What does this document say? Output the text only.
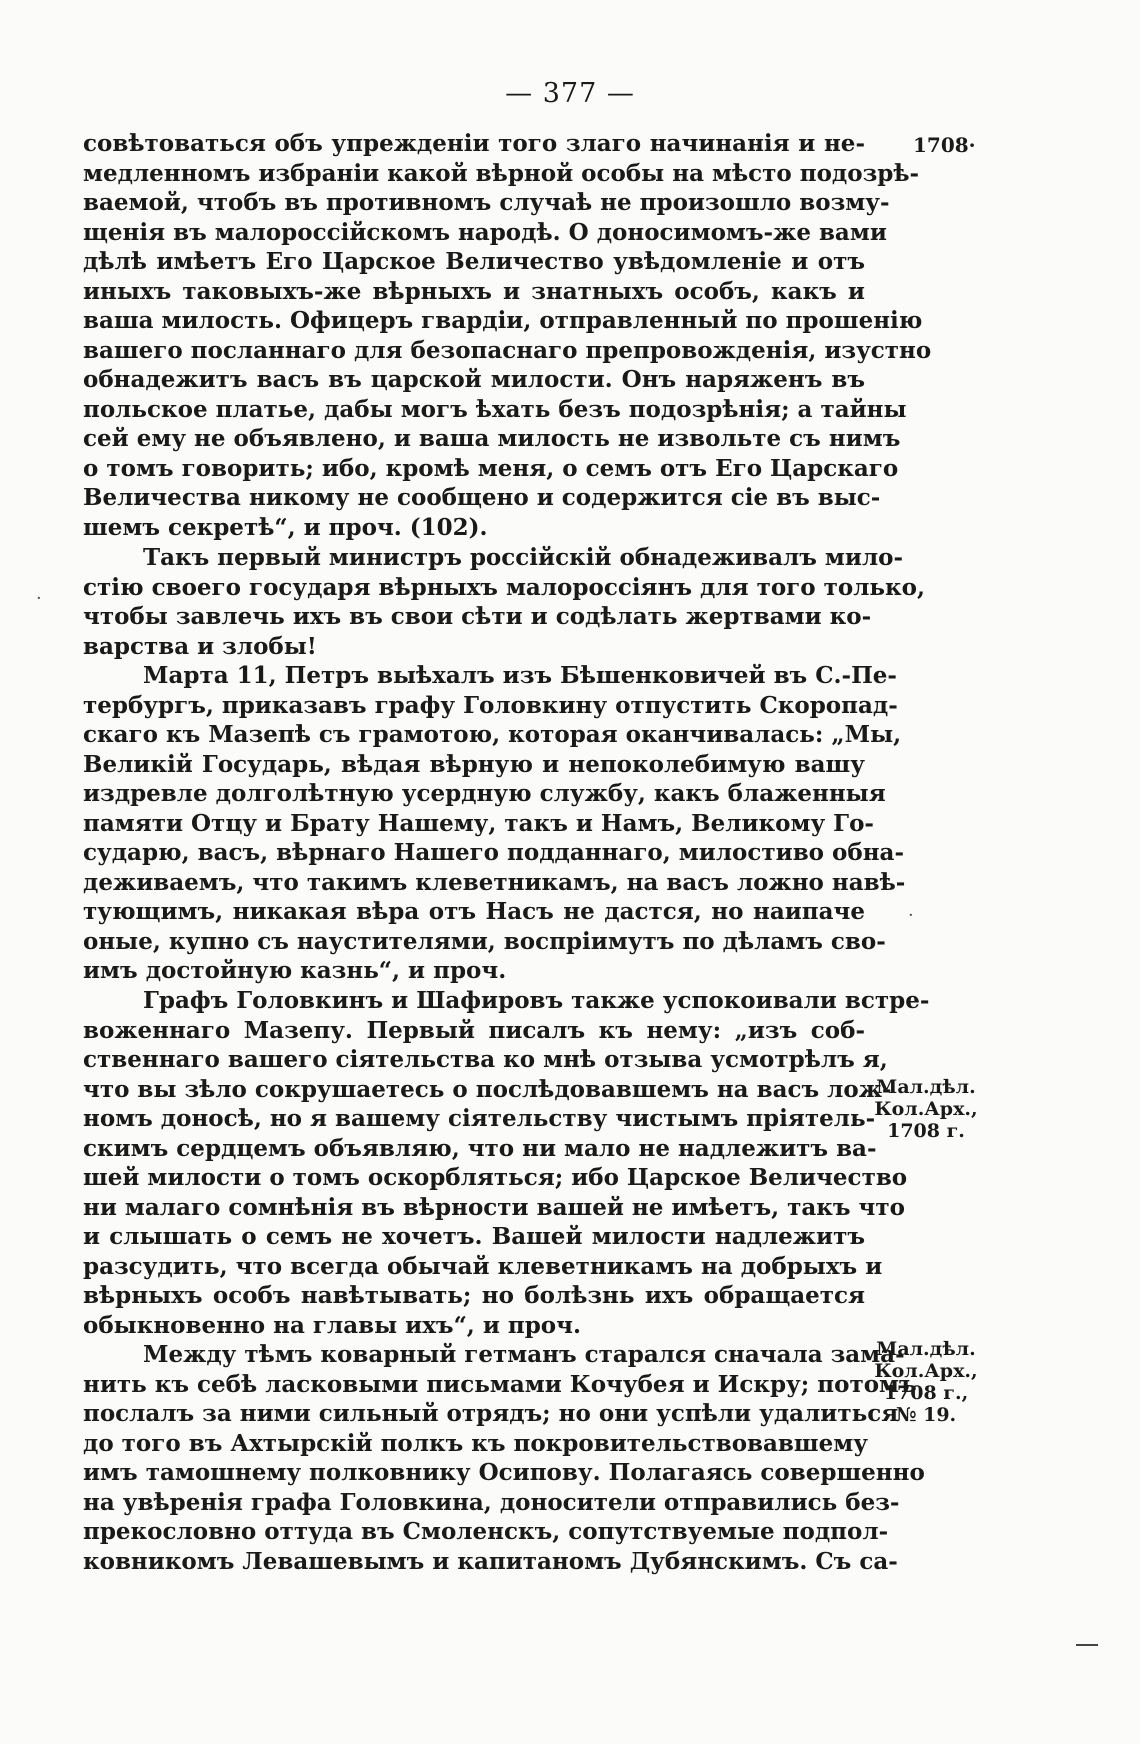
— 377 —
1708·
совѣтоваться объ упрежденіи того злаго начинанія и не-
медленномъ избраніи какой вѣрной особы на мѣсто подозрѣ-
ваемой, чтобъ въ противномъ случаѣ не произошло возму-
щенія въ малороссійскомъ народѣ. О доносимомъ-же вами
дѣлѣ имѣетъ Его Царское Величество увѣдомленіе и отъ
иныхъ таковыхъ-же вѣрныхъ и знатныхъ особъ, какъ и
ваша милость. Офицеръ гвардіи, отправленный по прошенію
вашего посланнаго для безопаснаго препровожденія, изустно
обнадежитъ васъ въ царской милости. Онъ наряженъ въ
польское платье, дабы могъ ѣхать безъ подозрѣнія; а тайны
сей ему не объявлено, и ваша милость не извольте съ нимъ
о томъ говорить; ибо, кромѣ меня, о семъ отъ Его Царскаго
Величества никому не сообщено и содержится сіе въ выс-
шемъ секретѣ“, и проч. (102).
Такъ первый министръ россійскій обнадеживалъ мило-
стію своего государя вѣрныхъ малороссіянъ для того только,
чтобы завлечь ихъ въ свои сѣти и содѣлать жертвами ко-
варства и злобы!
Марта 11, Петръ выѣхалъ изъ Бѣшенковичей въ С.-Пе-
тербургъ, приказавъ графу Головкину отпустить Скоропад-
скаго къ Мазепѣ съ грамотою, которая оканчивалась: „Мы,
Великій Государь, вѣдая вѣрную и непоколебимую вашу
издревле долголѣтную усердную службу, какъ блаженныя
памяти Отцу и Брату Нашему, такъ и Намъ, Великому Го-
сударю, васъ, вѣрнаго Нашего подданнаго, милостиво обна-
деживаемъ, что такимъ клеветникамъ, на васъ ложно навѣ-
тующимъ, никакая вѣра отъ Насъ не дастся, но наипаче
оные, купно съ наустителями, воспріимутъ по дѣламъ сво-
имъ достойную казнь“, и проч.
Графъ Головкинъ и Шафировъ также успокоивали встре-
воженнаго Мазепу. Первый писалъ къ нему: „изъ соб-
ственнаго вашего сіятельства ко мнѣ отзыва усмотрѣлъ я,
что вы зѣло сокрушаетесь о послѣдовавшемъ на васъ лож-
номъ доносѣ, но я вашему сіятельству чистымъ пріятель-
скимъ сердцемъ объявляю, что ни мало не надлежитъ ва-
шей милости о томъ оскорбляться; ибо Царское Величество
ни малаго сомнѣнія въ вѣрности вашей не имѣетъ, такъ что
и слышать о семъ не хочетъ. Вашей милости надлежитъ
разсудить, что всегда обычай клеветникамъ на добрыхъ и
вѣрныхъ особъ навѣтывать; но болѣзнь ихъ обращается
обыкновенно на главы ихъ“, и проч.
Между тѣмъ коварный гетманъ старался сначала зама-
нить къ себѣ ласковыми письмами Кочубея и Искру; потомъ
послалъ за ними сильный отрядъ; но они успѣли удалиться
до того въ Ахтырскій полкъ къ покровительствовавшему
имъ тамошнему полковнику Осипову. Полагаясь совершенно
на увѣренія графа Головкина, доносители отправились без-
прекословно оттуда въ Смоленскъ, сопутствуемые подпол-
ковникомъ Левашевымъ и капитаномъ Дубянскимъ. Съ са-
Мал.дѣл.
Кол.Арх.,
1708 г.
Мал.дѣл.
Кол.Арх.,
1708 г.,
№ 19.
·
·
